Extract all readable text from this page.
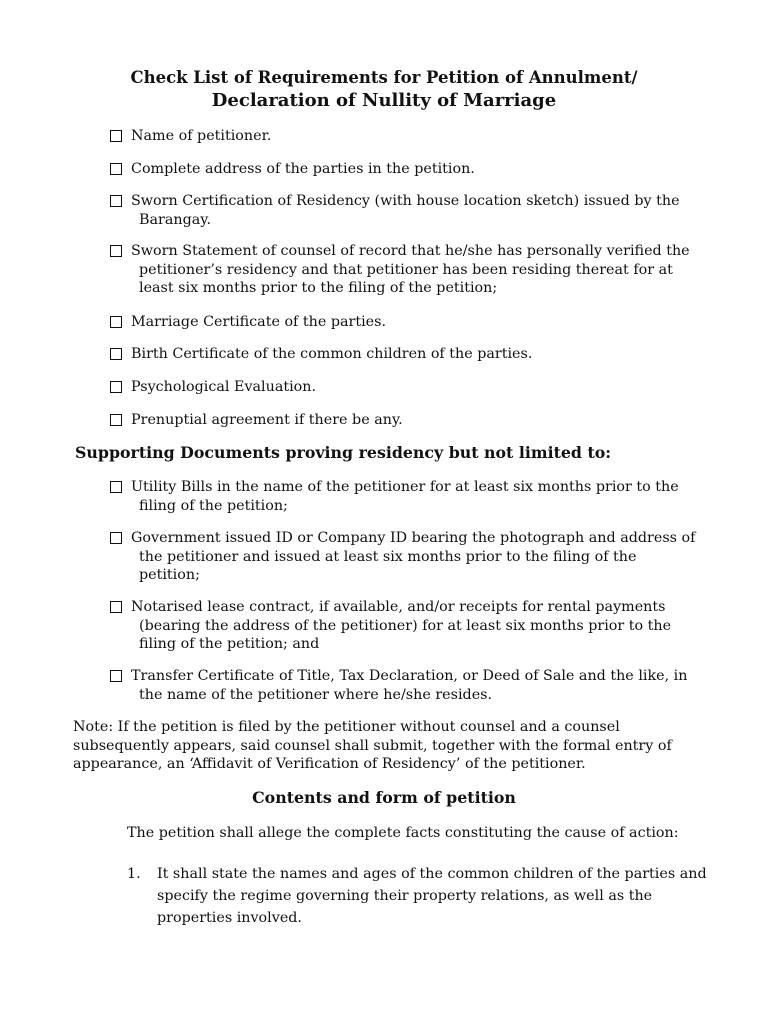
Check List of Requirements for Petition of Annulment/
Declaration of Nullity of Marriage
Name of petitioner.
Complete address of the parties in the petition.
Sworn Certification of Residency (with house location sketch) issued by the Barangay.
Sworn Statement of counsel of record that he/she has personally verified the petitioner’s residency and that petitioner has been residing thereat for at least six months prior to the filing of the petition;
Marriage Certificate of the parties.
Birth Certificate of the common children of the parties.
Psychological Evaluation.
Prenuptial agreement if there be any.
Supporting Documents proving residency but not limited to:
Utility Bills in the name of the petitioner for at least six months prior to the filing of the petition;
Government issued ID or Company ID bearing the photograph and address of the petitioner and issued at least six months prior to the filing of the petition;
Notarised lease contract, if available, and/or receipts for rental payments (bearing the address of the petitioner) for at least six months prior to the filing of the petition; and
Transfer Certificate of Title, Tax Declaration, or Deed of Sale and the like, in the name of the petitioner where he/she resides.

Note: If the petition is filed by the petitioner without counsel and a counsel subsequently appears, said counsel shall submit, together with the formal entry of appearance, an ‘Affidavit of Verification of Residency’ of the petitioner.

Contents and form of petition

The petition shall allege the complete facts constituting the cause of action:

1.	It shall state the names and ages of the common children of the parties and specify the regime governing their property relations, as well as the properties involved.
